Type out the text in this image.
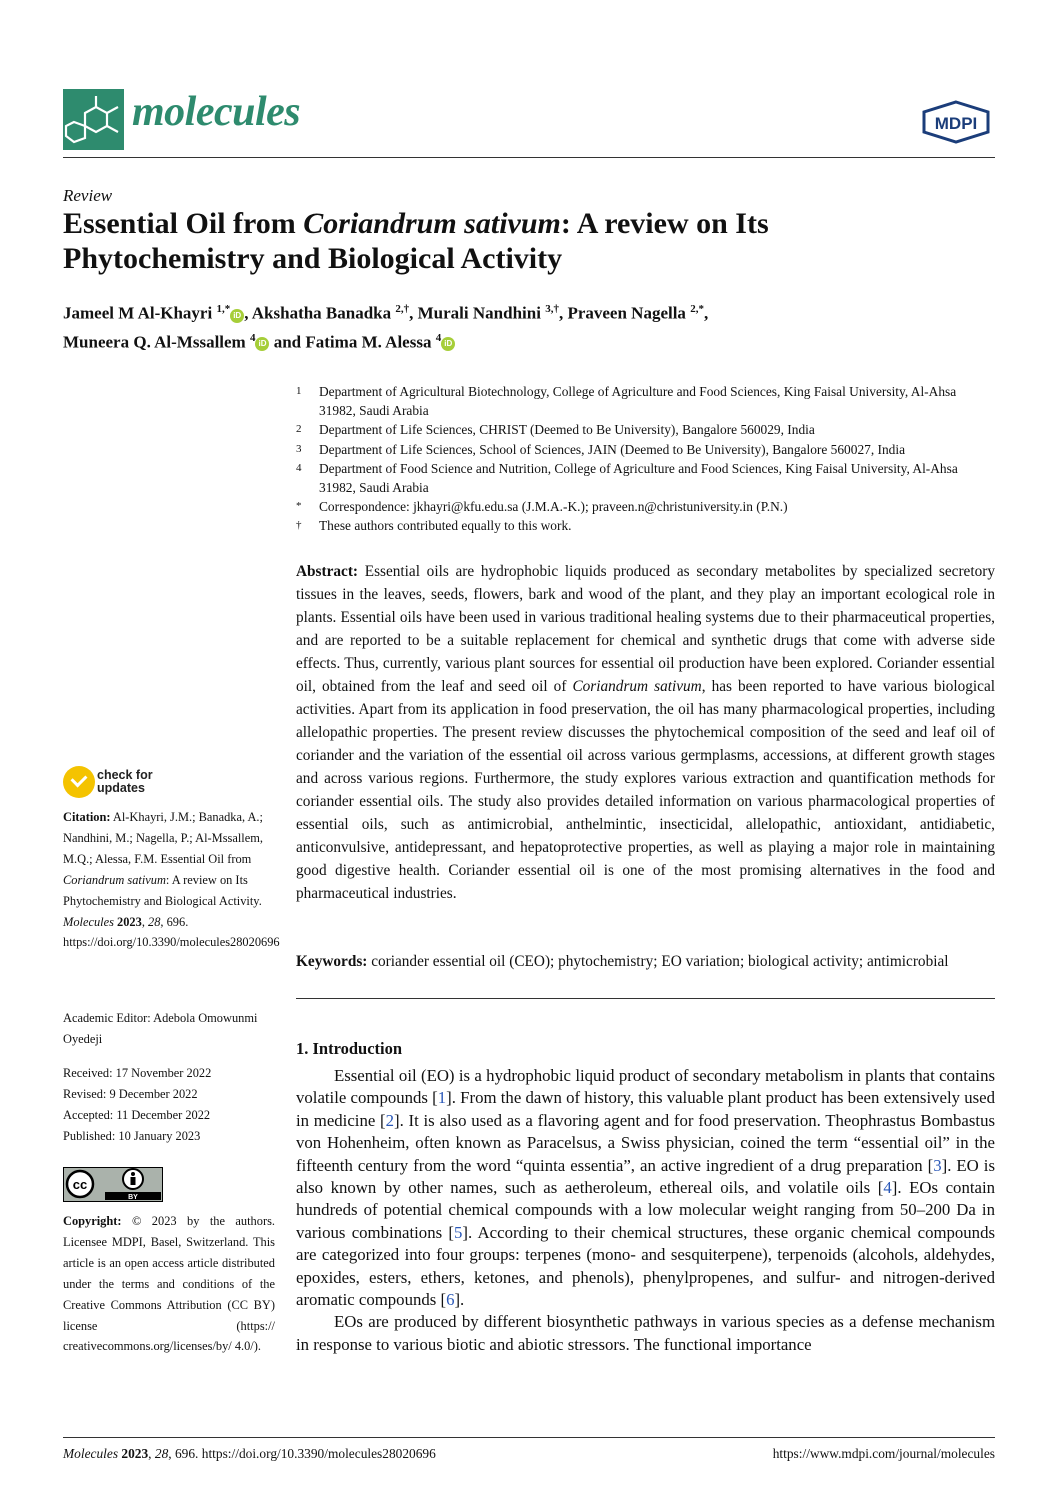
molecules	MDPI
Review
Essential Oil from Coriandrum sativum: A review on Its Phytochemistry and Biological Activity
Jameel M Al-Khayri $^{1,*}$iD , Akshatha Banadka $^{2,\dagger}$, Murali Nandhini $^{3,\dagger}$, Praveen Nagella $^{2,*}$,
Muneera Q. Al-Mssallem $^4$iD and Fatima M. Alessa $^4$iD
1	Department of Agricultural Biotechnology, College of Agriculture and Food Sciences, King Faisal University, Al-Ahsa 31982, Saudi Arabia
2	Department of Life Sciences, CHRIST (Deemed to Be University), Bangalore 560029, India
3	Department of Life Sciences, School of Sciences, JAIN (Deemed to Be University), Bangalore 560027, India
4	Department of Food Science and Nutrition, College of Agriculture and Food Sciences, King Faisal University, Al-Ahsa 31982, Saudi Arabia
*	Correspondence: jkhayri@kfu.edu.sa (J.M.A.-K.); praveen.n@christuniversity.in (P.N.)
†	These authors contributed equally to this work.
Abstract: Essential oils are hydrophobic liquids produced as secondary metabolites by specialized secretory tissues in the leaves, seeds, flowers, bark and wood of the plant, and they play an important ecological role in plants. Essential oils have been used in various traditional healing systems due to their pharmaceutical properties, and are reported to be a suitable replacement for chemical and synthetic drugs that come with adverse side effects. Thus, currently, various plant sources for essential oil production have been explored. Coriander essential oil, obtained from the leaf and seed oil of Coriandrum sativum, has been reported to have various biological activities. Apart from its application in food preservation, the oil has many pharmacological properties, including allelopathic properties. The present review discusses the phytochemical composition of the seed and leaf oil of coriander and the variation of the essential oil across various germplasms, accessions, at different growth stages and across various regions. Furthermore, the study explores various extraction and quantification methods for coriander essential oils. The study also provides detailed information on various pharmacological properties of essential oils, such as antimicrobial, anthelmintic, insecticidal, allelopathic, antioxidant, antidiabetic, anticonvulsive, antidepressant, and hepatoprotective properties, as well as playing a major role in maintaining good digestive health. Coriander essential oil is one of the most promising alternatives in the food and pharmaceutical industries.
Keywords: coriander essential oil (CEO); phytochemistry; EO variation; biological activity; antimicrobial
1. Introduction

Essential oil (EO) is a hydrophobic liquid product of secondary metabolism in plants that contains volatile compounds [1]. From the dawn of history, this valuable plant product has been extensively used in medicine [2]. It is also used as a flavoring agent and for food preservation. Theophrastus Bombastus von Hohenheim, often known as Paracelsus, a Swiss physician, coined the term “essential oil” in the fifteenth century from the word “quinta essentia”, an active ingredient of a drug preparation [3]. EO is also known by other names, such as aetheroleum, ethereal oils, and volatile oils [4]. EOs contain hundreds of potential chemical compounds with a low molecular weight ranging from 50–200 Da in various combinations [5]. According to their chemical structures, these organic chemical compounds are categorized into four groups: terpenes (mono- and sesquiterpene), terpenoids (alcohols, aldehydes, epoxides, esters, ethers, ketones, and phenols), phenylpropenes, and sulfur- and nitrogen-derived aromatic compounds [6].

EOs are produced by different biosynthetic pathways in various species as a defense mechanism in response to various biotic and abiotic stressors. The functional importance

check for
updates
Citation: Al-Khayri, J.M.; Banadka, A.; Nandhini, M.; Nagella, P.; Al-Mssallem, M.Q.; Alessa, F.M. Essential Oil from Coriandrum sativum: A review on Its Phytochemistry and Biological Activity. Molecules 2023, 28, 696. https://doi.org/10.3390/molecules28020696
Academic Editor: Adebola Omowunmi Oyedeji
Received: 17 November 2022
Revised: 9 December 2022
Accepted: 11 December 2022
Published: 10 January 2023
cc
BY
Copyright: © 2023 by the authors. Licensee MDPI, Basel, Switzerland. This article is an open access article distributed under the terms and conditions of the Creative Commons Attribution (CC BY) license (https:// creativecommons.org/licenses/by/ 4.0/).
Molecules 2023, 28, 696. https://doi.org/10.3390/molecules28020696	https://www.mdpi.com/journal/molecules
